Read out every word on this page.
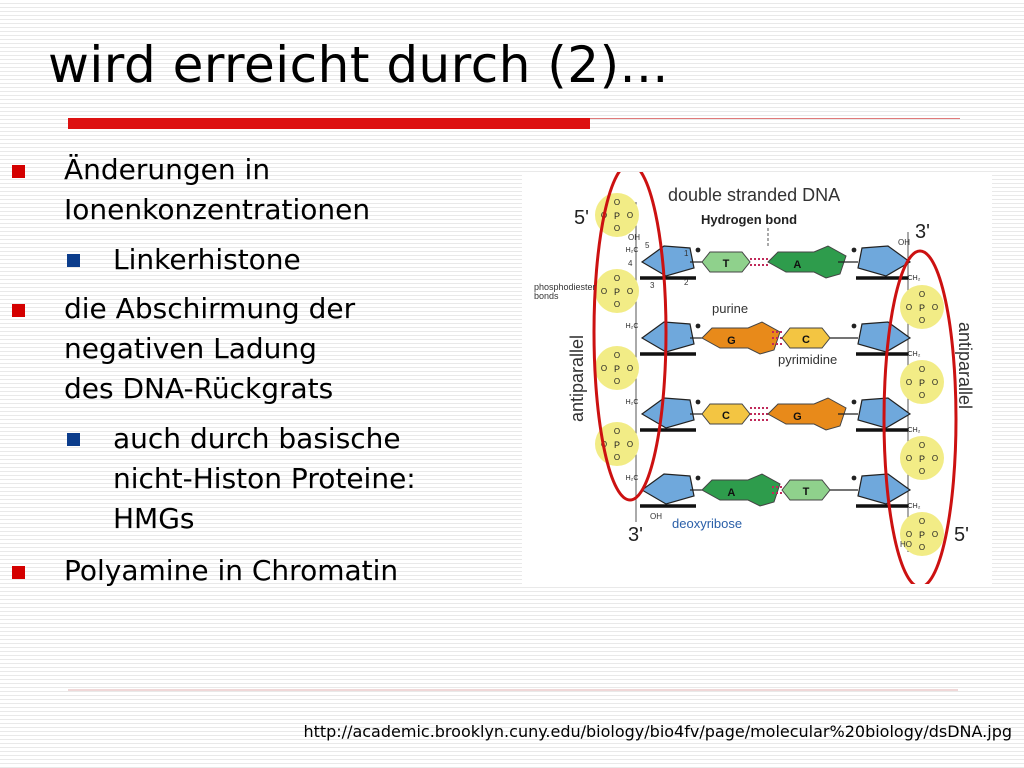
wird erreicht durch (2)...
Änderungen in
Ionenkonzentrationen
Linkerhistone
die Abschirmung der
negativen Ladung
des DNA-Rückgrats
auch durch basische
nicht-Histon Proteine:
HMGs
Polyamine in Chromatin
P
O
O
O O
P
O
O
O O
P
O
O
O O
P
O
O
O O
P
O
O
O O
P
O
O
O O
P
O
O
O O
P
O
O
O O
H₂C
CH₂
T	A
H₂C
CH₂
G	C
H₂C
CH₂
C	G
H₂C
CH₂
A	T
double stranded DNA
Hydrogen bond
5'
3'
3'	5'
phosphodiester
bonds
purine
pyrimidine
deoxyribose
antiparallel	antiparallel
OH
OH
OH
HO
5
4
3	2
1
http://academic.brooklyn.cuny.edu/biology/bio4fv/page/molecular%20biology/dsDNA.jpg
